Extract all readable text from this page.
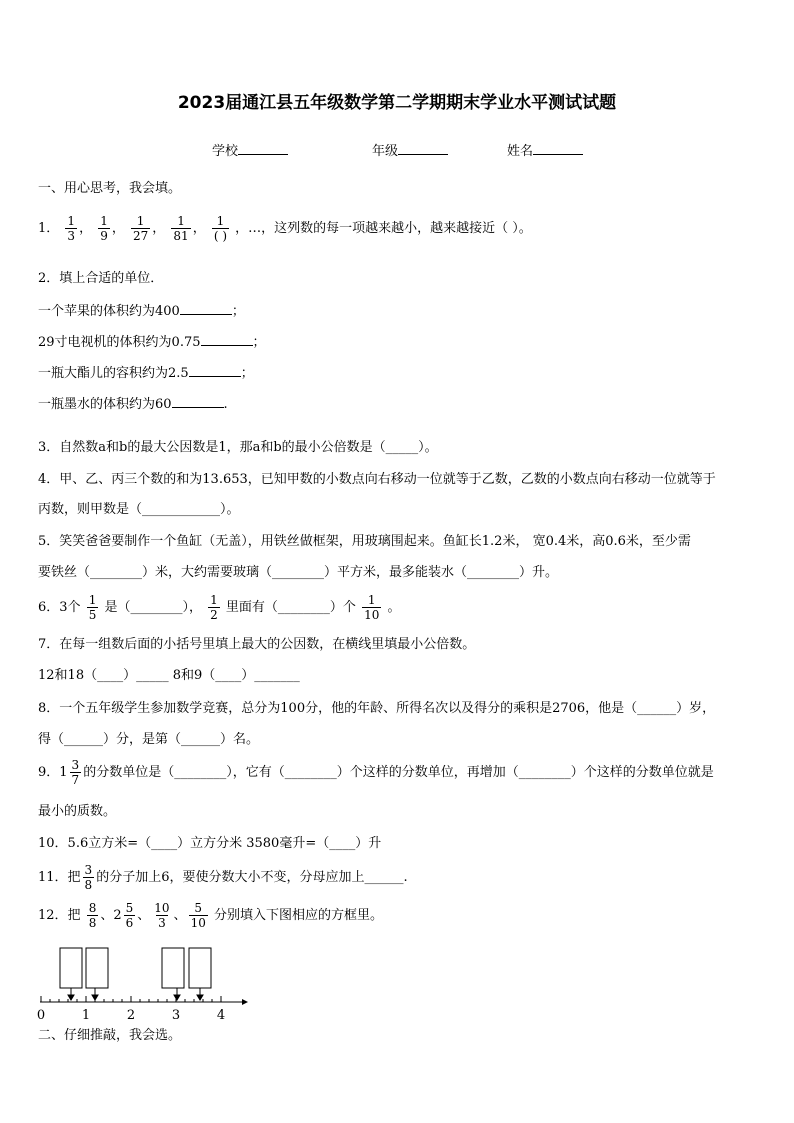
2023届通江县五年级数学第二学期期末学业水平测试试题
学校	年级	姓名
一、用心思考，我会填。
1． $\frac{1}{3}$ ， $\frac{1}{9}$ ， $\frac{1}{27}$ ， $\frac{1}{81}$ ， $\frac{1}{( )}$ ，…，这列数的每一项越来越小，越来越接近（ ）。
2．填上合适的单位．
一个苹果的体积约为400	；
29寸电视机的体积约为0.75	；
一瓶大酯儿的容积约为2.5	；
一瓶墨水的体积约为60	.
3．自然数a和b的最大公因数是1，那a和b的最小公倍数是（_____）。
4．甲、乙、丙三个数的和为13.653，已知甲数的小数点向右移动一位就等于乙数，乙数的小数点向右移动一位就等于
丙数，则甲数是（____________）。
5．笑笑爸爸要制作一个鱼缸（无盖），用铁丝做框架，用玻璃围起来。鱼缸长1.2米， 宽0.4米，高0.6米，至少需
要铁丝（________）米，大约需要玻璃（________）平方米，最多能装水（________）升。
6．3个 $\frac{1}{5}$ 是（________）， $\frac{1}{2}$ 里面有（________）个 $\frac{1}{10}$ 。
7．在每一组数后面的小括号里填上最大的公因数，在横线里填最小公倍数。
12和18（____）_____ 8和9（____）_______
8．一个五年级学生参加数学竞赛，总分为100分，他的年龄、所得名次以及得分的乘积是2706，他是（______）岁，
得（______）分，是第（______）名。
9．$1 \frac{3}{7}$ 的分数单位是（________），它有（________）个这样的分数单位，再增加（________）个这样的分数单位就是
最小的质数。
10．5.6立方米=（____）立方分米 3580毫升=（____）升
11．把 $\frac{3}{8}$ 的分子加上6，要使分数大小不变，分母应加上______.
12．把 $\frac{8}{8}$ 、$2 \frac{5}{6}$ 、 $\frac{10}{3}$ 、 $\frac{5}{10}$ 分别填入下图相应的方框里。
0	1	2	3	4
二、仔细推敲，我会选。
